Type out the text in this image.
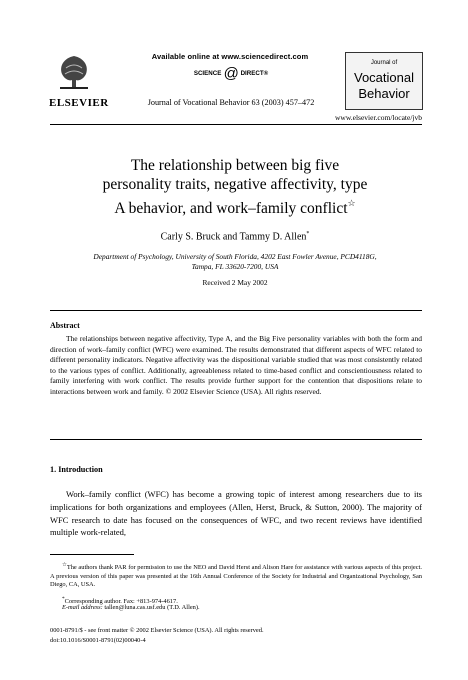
Available online at www.sciencedirect.com
SCIENCE @ DIRECT®
ELSEVIER	Journal of Vocational Behavior 63 (2003) 457–472
Journal of
Vocational
Behavior
www.elsevier.com/locate/jvb
The relationship between big five
personality traits, negative affectivity, type
A behavior, and work–family conflict☆
Carly S. Bruck and Tammy D. Allen*
Department of Psychology, University of South Florida, 4202 East Fowler Avenue, PCD4118G,
Tampa, FL 33620-7200, USA
Received 2 May 2002
Abstract
The relationships between negative affectivity, Type A, and the Big Five personality variables with both the form and direction of work–family conflict (WFC) were examined. The results demonstrated that different aspects of WFC related to different personality indicators. Negative affectivity was the dispositional variable studied that was most consistently related to the various types of conflict. Additionally, agreeableness related to time-based conflict and conscientiousness related to family interfering with work conflict. The results provide further support for the contention that dispositions relate to interactions between work and family. © 2002 Elsevier Science (USA). All rights reserved.
1. Introduction
Work–family conflict (WFC) has become a growing topic of interest among researchers due to its implications for both organizations and employees (Allen, Herst, Bruck, & Sutton, 2000). The majority of WFC research to date has focused on the consequences of WFC, and two recent reviews have identified multiple work-related,
☆The authors thank PAR for permission to use the NEO and David Herst and Alison Hare for assistance with various aspects of this project. A previous version of this paper was presented at the 16th Annual Conference of the Society for Industrial and Organizational Psychology, San Diego, CA, USA.
*Corresponding author. Fax: +813-974-4617.
E-mail address: tallen@luna.cas.usf.edu (T.D. Allen).
0001-8791/$ - see front matter © 2002 Elsevier Science (USA). All rights reserved.
doi:10.1016/S0001-8791(02)00040-4
